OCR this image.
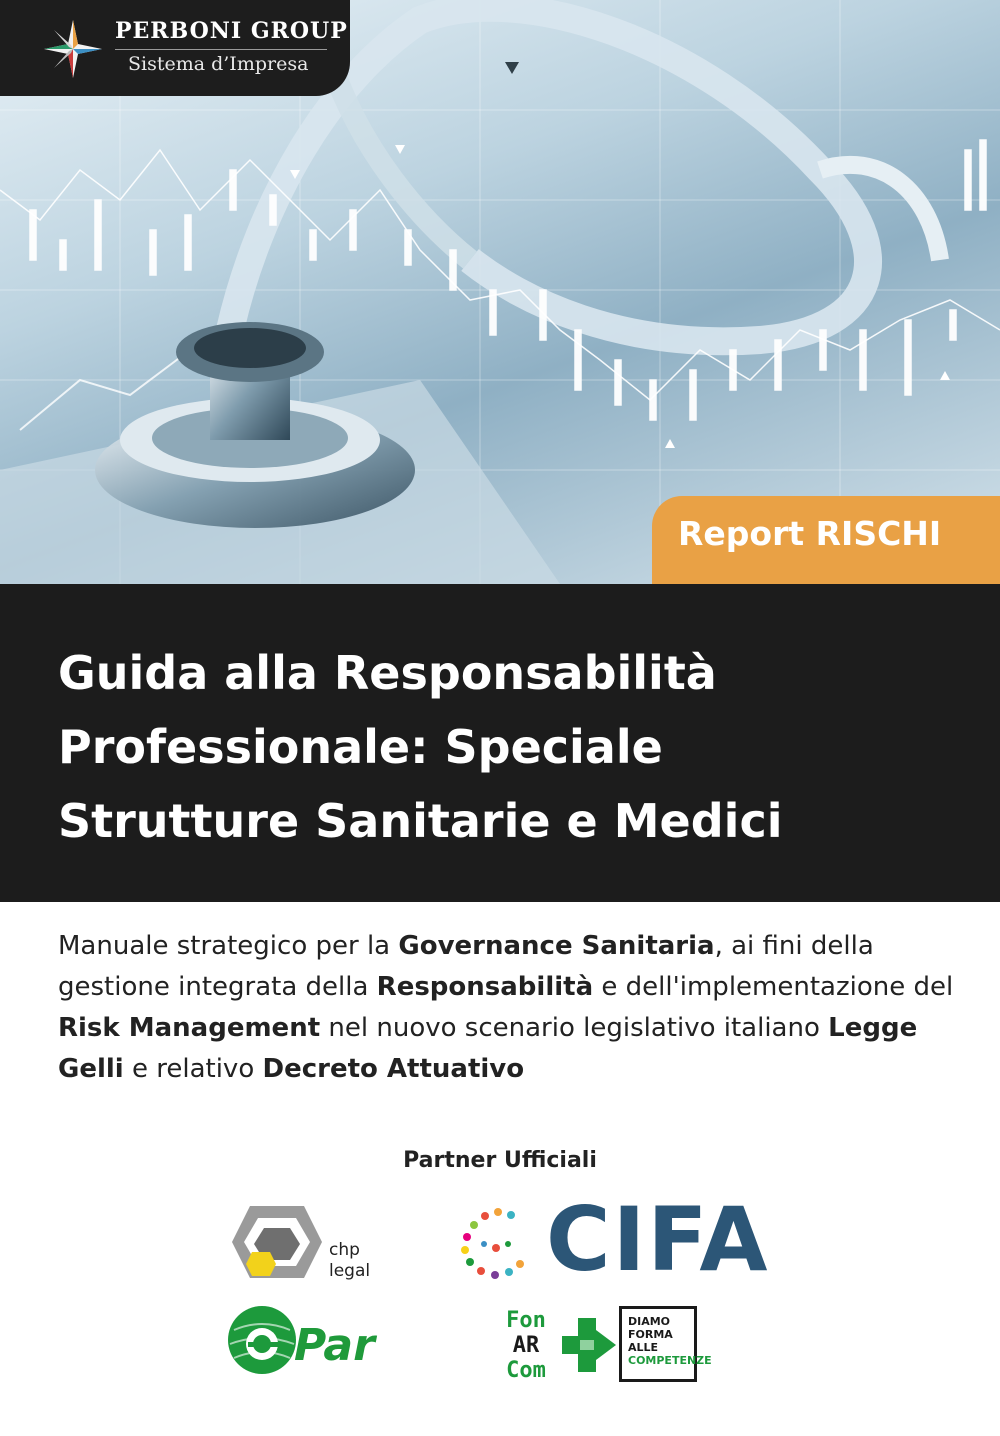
PERBONI GROUP
Sistema d’Impresa
Report RISCHI
Guida alla Responsabilità
Professionale: Speciale
Strutture Sanitarie e Medici
Manuale strategico per la Governance Sanitaria, ai fini della gestione integrata della Responsabilità e dell'implementazione del Risk Management nel nuovo scenario legislativo italiano Legge Gelli e relativo Decreto Attuativo
Partner Ufficiali
chp
legal CIFA
Par	Fon
AR
Com
DIAMO
FORMA
ALLE
COMPETENZE
